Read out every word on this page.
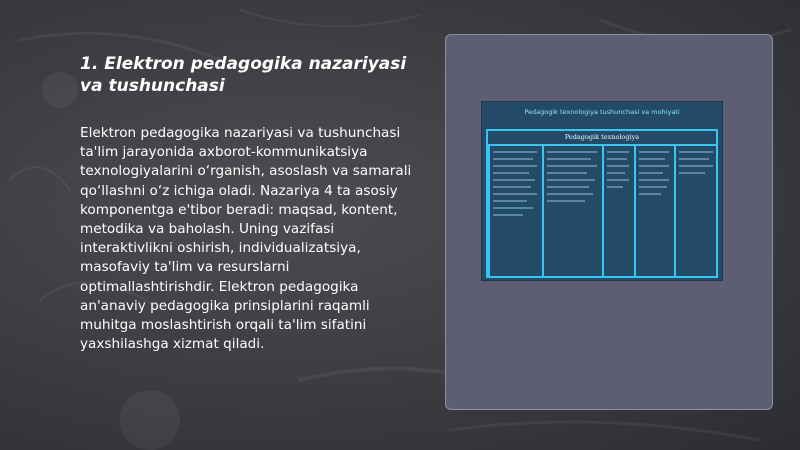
1. Elektron pedagogika nazariyasi va tushunchasi

Elektron pedagogika nazariyasi va tushunchasi ta'lim jarayonida axborot-kommunikatsiya texnologiyalarini o‘rganish, asoslash va samarali qo‘llashni o‘z ichiga oladi. Nazariya 4 ta asosiy komponentga e'tibor beradi: maqsad, kontent, metodika va baholash. Uning vazifasi interaktivlikni oshirish, individualizatsiya, masofaviy ta'lim va resurslarni optimallashtirishdir. Elektron pedagogika an'anaviy pedagogika prinsiplarini raqamli muhitga moslashtirish orqali ta'lim sifatini yaxshilashga xizmat qiladi.

Pedagogik texnologiya tushunchasi va mohiyati
Pedagogik texnologiya
